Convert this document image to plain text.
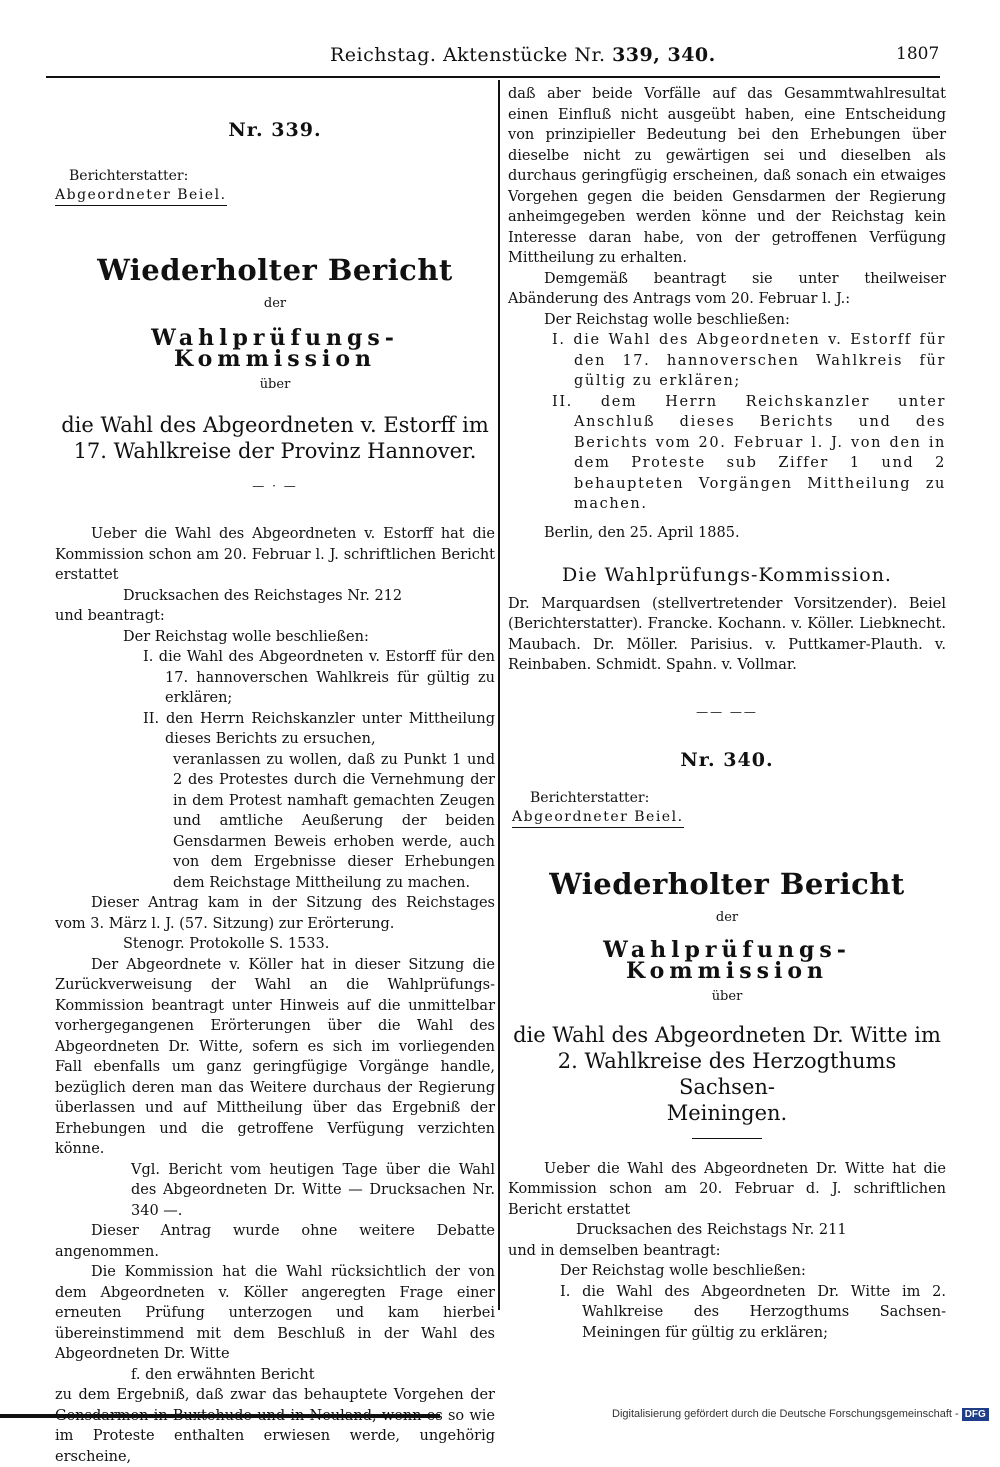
Reichstag. Aktenstücke Nr. 339, 340.	1807
Nr. 339.
Berichterstatter:
Abgeordneter Beiel.
Wiederholter Bericht
der
Wahlprüfungs-Kommission
über
die Wahl des Abgeordneten v. Estorff im
17. Wahlkreise der Provinz Hannover.
— · —

Ueber die Wahl des Abgeordneten v. Estorff hat die Kommission schon am 20. Februar l. J. schriftlichen Bericht erstattet

Drucksachen des Reichstages Nr. 212

und beantragt:

Der Reichstag wolle beschließen:

I. die Wahl des Abgeordneten v. Estorff für den 17. hannoverschen Wahlkreis für gültig zu erklären;

II. den Herrn Reichskanzler unter Mittheilung dieses Berichts zu ersuchen,

veranlassen zu wollen, daß zu Punkt 1 und 2 des Protestes durch die Vernehmung der in dem Protest namhaft gemachten Zeugen und amtliche Aeußerung der beiden Gensdarmen Beweis erhoben werde, auch von dem Ergebnisse dieser Erhebungen dem Reichstage Mittheilung zu machen.

Dieser Antrag kam in der Sitzung des Reichstages vom 3. März l. J. (57. Sitzung) zur Erörterung.

Stenogr. Protokolle S. 1533.

Der Abgeordnete v. Köller hat in dieser Sitzung die Zurückverweisung der Wahl an die Wahlprüfungs-Kommission beantragt unter Hinweis auf die unmittelbar vorhergegangenen Erörterungen über die Wahl des Abgeordneten Dr. Witte, sofern es sich im vorliegenden Fall ebenfalls um ganz geringfügige Vorgänge handle, bezüglich deren man das Weitere durchaus der Regierung überlassen und auf Mittheilung über das Ergebniß der Erhebungen und die getroffene Verfügung verzichten könne.

Vgl. Bericht vom heutigen Tage über die Wahl des Abgeordneten Dr. Witte — Drucksachen Nr. 340 —.

Dieser Antrag wurde ohne weitere Debatte angenommen.

Die Kommission hat die Wahl rücksichtlich der von dem Abgeordneten v. Köller angeregten Frage einer erneuten Prüfung unterzogen und kam hierbei übereinstimmend mit dem Beschluß in der Wahl des Abgeordneten Dr. Witte

f. den erwähnten Bericht

zu dem Ergebniß, daß zwar das behauptete Vorgehen der Gensdarmen in Buxtehude und in Neuland, wenn es so wie im Proteste enthalten erwiesen werde, ungehörig erscheine,

daß aber beide Vorfälle auf das Gesammtwahlresultat einen Einfluß nicht ausgeübt haben, eine Entscheidung von prinzipieller Bedeutung bei den Erhebungen über dieselbe nicht zu gewärtigen sei und dieselben als durchaus geringfügig erscheinen, daß sonach ein etwaiges Vorgehen gegen die beiden Gensdarmen der Regierung anheimgegeben werden könne und der Reichstag kein Interesse daran habe, von der getroffenen Verfügung Mittheilung zu erhalten.

Demgemäß beantragt sie unter theilweiser Abänderung des Antrags vom 20. Februar l. J.:

Der Reichstag wolle beschließen:

I. die Wahl des Abgeordneten v. Estorff für den 17. hannoverschen Wahlkreis für gültig zu erklären;

II. dem Herrn Reichskanzler unter Anschluß dieses Berichts und des Berichts vom 20. Februar l. J. von den in dem Proteste sub Ziffer 1 und 2 behaupteten Vorgängen Mittheilung zu machen.

Berlin, den 25. April 1885.

Die Wahlprüfungs-Kommission.

Dr. Marquardsen (stellvertretender Vorsitzender). Beiel (Berichterstatter). Francke. Kochann. v. Köller. Liebknecht. Maubach. Dr. Möller. Parisius. v. Puttkamer-Plauth. v. Reinbaben. Schmidt. Spahn. v. Vollmar.

—— ——
Nr. 340.
Berichterstatter:
Abgeordneter Beiel.
Wiederholter Bericht
der
Wahlprüfungs-Kommission
über
die Wahl des Abgeordneten Dr. Witte im
2. Wahlkreise des Herzogthums Sachsen-
Meiningen.

Ueber die Wahl des Abgeordneten Dr. Witte hat die Kommission schon am 20. Februar d. J. schriftlichen Bericht erstattet

Drucksachen des Reichstags Nr. 211

und in demselben beantragt:

Der Reichstag wolle beschließen:

I. die Wahl des Abgeordneten Dr. Witte im 2. Wahlkreise des Herzogthums Sachsen-Meiningen für gültig zu erklären;

Digitalisierung gefördert durch die Deutsche Forschungsgemeinschaft - DFG
